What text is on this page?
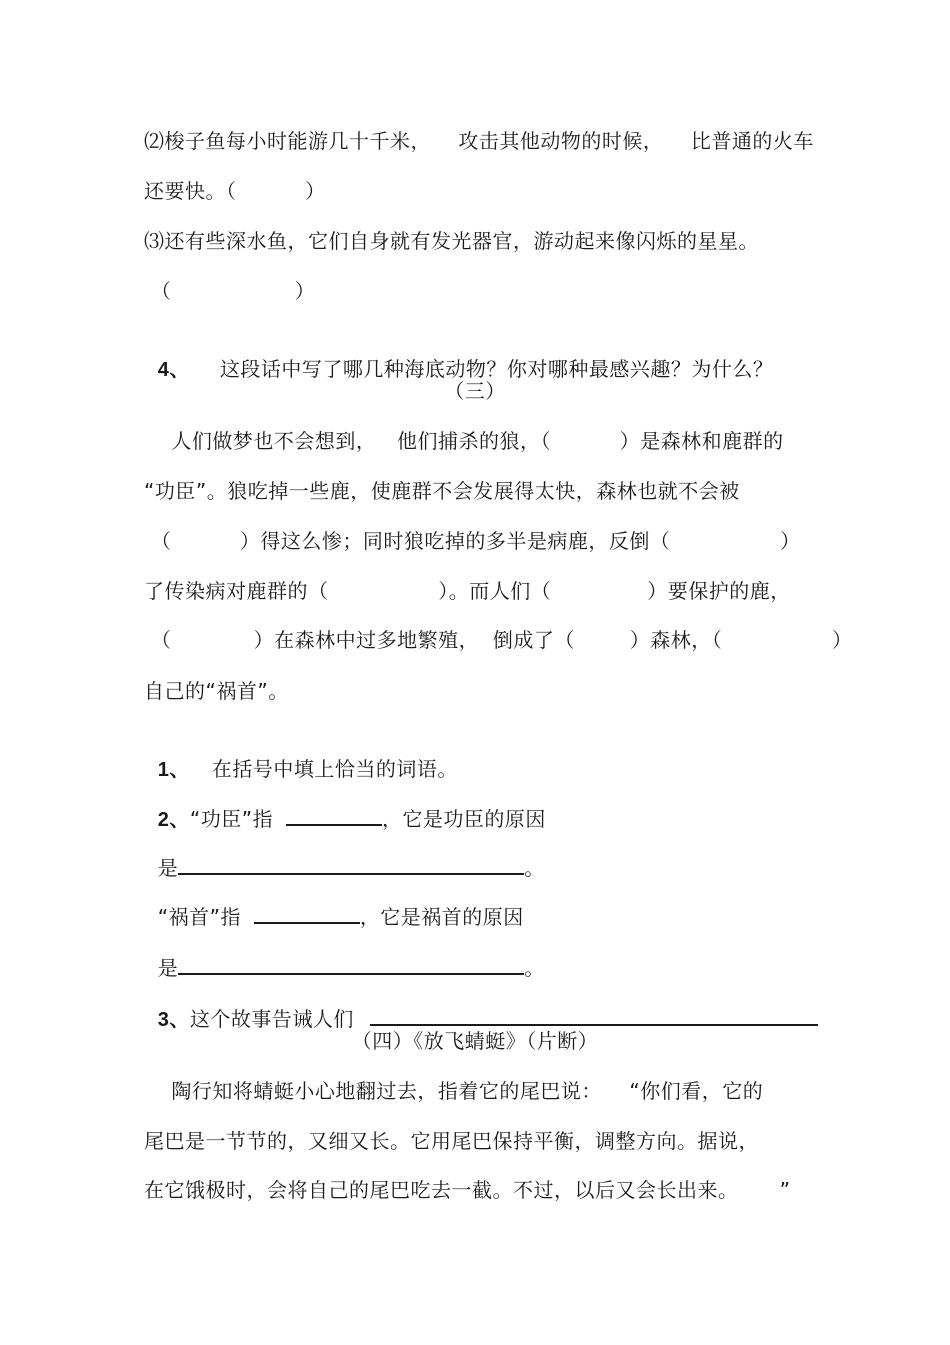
⑵梭子鱼每小时能游几十千米，    攻击其他动物的时候，    比普通的火车
还要快。（          ）
⑶还有些深水鱼，它们自身就有发光器官，游动起来像闪烁的星星。
（                  ）

4、 这段话中写了哪几种海底动物？你对哪种最感兴趣？为什么？

（三）
人们做梦也不会想到，   他们捕杀的狼，（          ）是森林和鹿群的
“功臣”。狼吃掉一些鹿，使鹿群不会发展得太快，森林也就不会被
（          ）得这么惨；同时狼吃掉的多半是病鹿，反倒（                ）
了传染病对鹿群的（                ）。而人们（              ）要保护的鹿，
（            ）在森林中过多地繁殖，  倒成了（        ）森林，（                ）
自己的“祸首”。

1、 在括号中填上恰当的词语。

2、“功臣”指	，它是功臣的原因

是	。

“祸首”指	，它是祸首的原因

是	。

3、这个故事告诫人们

（四）《放飞蜻蜓》（片断）
陶行知将蜻蜓小心地翻过去，指着它的尾巴说：    “你们看，它的
尾巴是一节节的，又细又长。它用尾巴保持平衡，调整方向。据说，
在它饿极时，会将自己的尾巴吃去一截。不过，以后又会长出来。      ”
